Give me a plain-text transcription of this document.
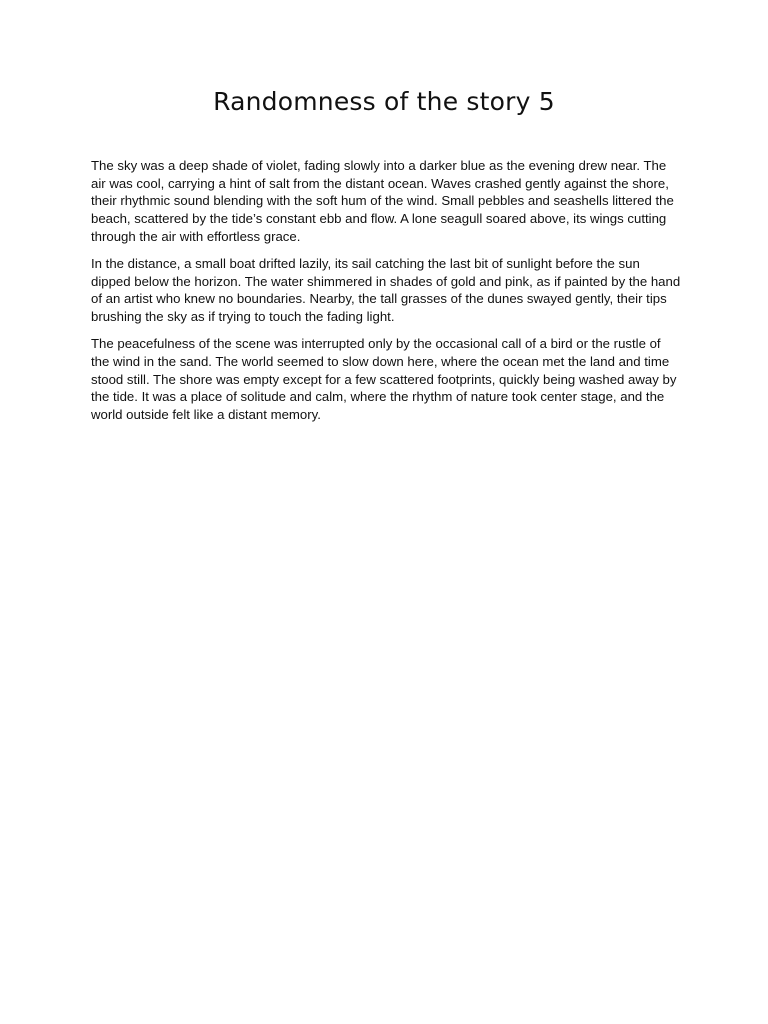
Randomness of the story 5

The sky was a deep shade of violet, fading slowly into a darker blue as the evening drew near. The air was cool, carrying a hint of salt from the distant ocean. Waves crashed gently against the shore, their rhythmic sound blending with the soft hum of the wind. Small pebbles and seashells littered the beach, scattered by the tide’s constant ebb and flow. A lone seagull soared above, its wings cutting through the air with effortless grace.

In the distance, a small boat drifted lazily, its sail catching the last bit of sunlight before the sun dipped below the horizon. The water shimmered in shades of gold and pink, as if painted by the hand of an artist who knew no boundaries. Nearby, the tall grasses of the dunes swayed gently, their tips brushing the sky as if trying to touch the fading light.

The peacefulness of the scene was interrupted only by the occasional call of a bird or the rustle of the wind in the sand. The world seemed to slow down here, where the ocean met the land and time stood still. The shore was empty except for a few scattered footprints, quickly being washed away by the tide. It was a place of solitude and calm, where the rhythm of nature took center stage, and the world outside felt like a distant memory.
